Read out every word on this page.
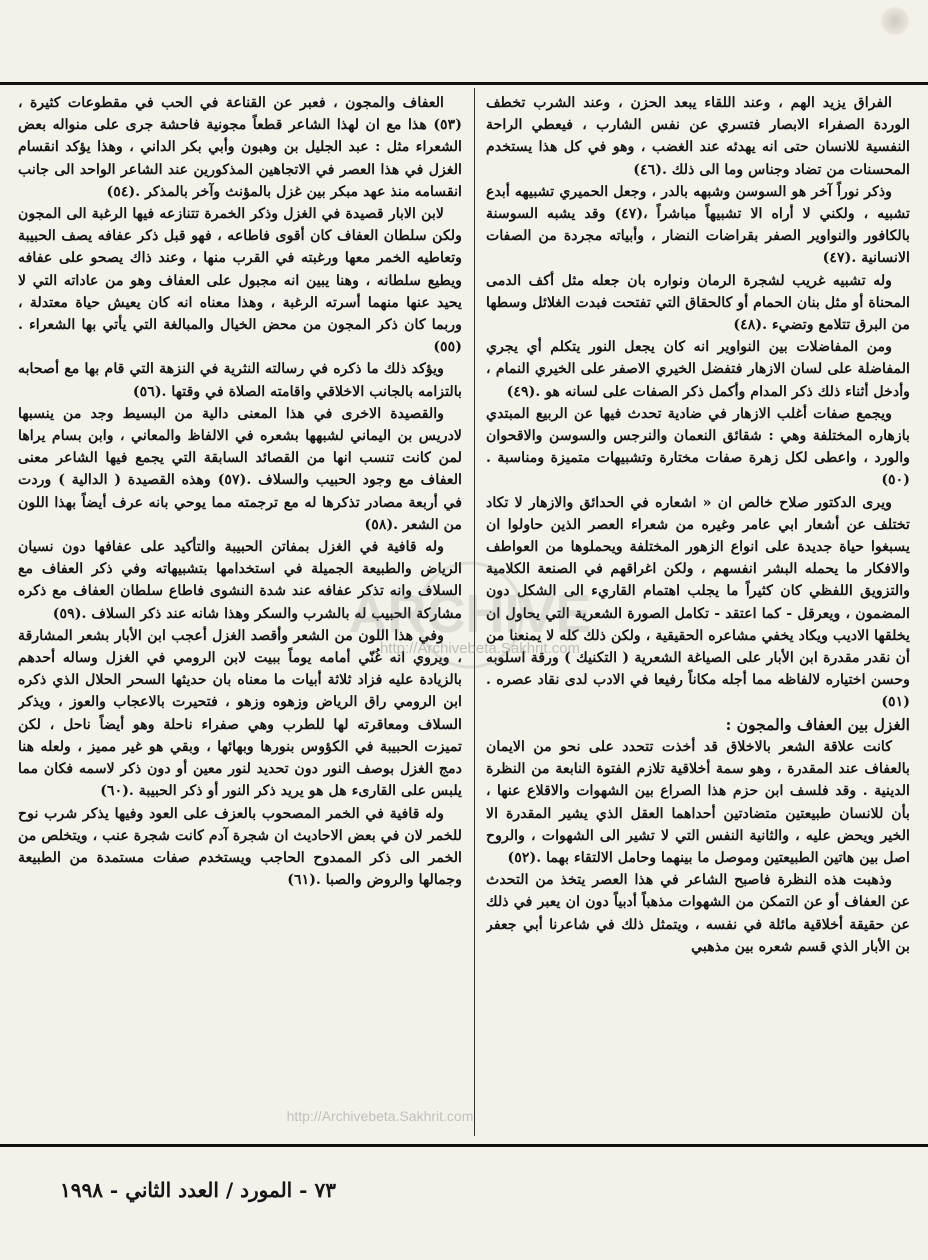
الفراق يزيد الهم ، وعند اللقاء يبعد الحزن ، وعند الشرب تخطف الوردة الصفراء الابصار فتسري عن نفس الشارب ، فيعطي الراحة النفسية للانسان حتى انه يهدئه عند الغضب ، وهو في كل هذا يستخدم المحسنات من تضاد وجناس وما الى ذلك .(٤٦)

وذكر نوراً آخر هو السوسن وشبهه بالدر ، وجعل الحميري تشبيهه أبدع تشبيه ، ولكني لا أراه الا تشبيهاً مباشراً ،(٤٧) وقد يشبه السوسنة بالكافور والنواوير الصفر بقراضات النضار ، وأبياته مجردة من الصفات الانسانية .(٤٧)

وله تشبيه غريب لشجرة الرمان ونواره بان جعله مثل أكف الدمى المحناة أو مثل بنان الحمام أو كالحقاق التي تفتحت فبدت الغلائل وسطها من البرق تتلامع وتضيء .(٤٨)

ومن المفاضلات بين النواوير انه كان يجعل النور يتكلم أي يجري المفاضلة على لسان الازهار فتفضل الخيري الاصفر على الخيري النمام ، وأدخل أثناء ذلك ذكر المدام وأكمل ذكر الصفات على لسانه هو .(٤٩)

ويجمع صفات أغلب الازهار في ضادية تحدث فيها عن الربيع المبتدي بازهاره المختلفة وهي : شقائق النعمان والنرجس والسوسن والاقحوان والورد ، واعطى لكل زهرة صفات مختارة وتشبيهات متميزة ومناسبة .(٥٠)

ويرى الدكتور صلاح خالص ان « اشعاره في الحدائق والازهار لا تكاد تختلف عن أشعار ابي عامر وغيره من شعراء العصر الذين حاولوا ان يسبغوا حياة جديدة على انواع الزهور المختلفة ويحملوها من العواطف والافكار ما يحمله البشر انفسهم ، ولكن اغراقهم في الصنعة الكلامية والتزويق اللفظي كان كثيراً ما يجلب اهتمام القاريء الى الشكل دون المضمون ، ويعرقل - كما اعتقد - تكامل الصورة الشعرية التي يحاول ان يخلقها الاديب ويكاد يخفي مشاعره الحقيقية ، ولكن ذلك كله لا يمنعنا من أن نقدر مقدرة ابن الأبار على الصياغة الشعرية ( التكنيك ) ورقة اسلوبه وحسن اختياره لالفاظه مما أجله مكاناً رفيعا في الادب لدى نقاد عصره .(٥١)

الغزل بين العفاف والمجون :

كانت علاقة الشعر بالاخلاق قد أخذت تتحدد على نحو من الايمان بالعفاف عند المقدرة ، وهو سمة أخلاقية تلازم الفتوة النابعة من النظرة الدينية . وقد فلسف ابن حزم هذا الصراع بين الشهوات والاقلاع عنها ، بأن للانسان طبيعتين متضادتين أحداهما العقل الذي يشير المقدرة الا الخير ويحض عليه ، والثانية النفس التي لا تشير الى الشهوات ، والروح اصل بين هاتين الطبيعتين وموصل ما بينهما وحامل الالتقاء بهما .(٥٢)

وذهبت هذه النظرة فاصبح الشاعر في هذا العصر يتخذ من التحدث عن العفاف أو عن التمكن من الشهوات مذهباً أدبياً دون ان يعبر في ذلك عن حقيقة أخلاقية مائلة في نفسه ، ويتمثل ذلك في شاعرنا أبي جعفر بن الأبار الذي قسم شعره بين مذهبي

العفاف والمجون ، فعبر عن القناعة في الحب في مقطوعات كثيرة ،(٥٣) هذا مع ان لهذا الشاعر قطعاً مجونية فاحشة جرى على منواله بعض الشعراء مثل : عبد الجليل بن وهبون وأبي بكر الداني ، وهذا يؤكد انقسام الغزل في هذا العصر في الاتجاهين المذكورين عند الشاعر الواحد الى جانب انقسامه منذ عهد مبكر بين غزل بالمؤنث وآخر بالمذكر .(٥٤)

لابن الابار قصيدة في الغزل وذكر الخمرة تتنازعه فيها الرغبة الى المجون ولكن سلطان العفاف كان أقوى فاطاعه ، فهو قبل ذكر عفافه يصف الحبيبة وتعاطيه الخمر معها ورغبته في القرب منها ، وعند ذاك يصحو على عفافه ويطيع سلطانه ، وهنا يبين انه مجبول على العفاف وهو من عاداته التي لا يحيد عنها منهما أسرته الرغبة ، وهذا معناه انه كان يعيش حياة معتدلة ، وربما كان ذكر المجون من محض الخيال والمبالغة التي يأتي بها الشعراء .(٥٥)

ويؤكد ذلك ما ذكره في رسالته النثرية في النزهة التي قام بها مع أصحابه بالتزامه بالجانب الاخلاقي واقامته الصلاة في وقتها .(٥٦)

والقصيدة الاخرى في هذا المعنى دالية من البسيط وجد من ينسبها لادريس بن اليماني لشبهها بشعره في الالفاظ والمعاني ، وابن بسام يراها لمن كانت تنسب انها من القصائد السابقة التي يجمع فيها الشاعر معنى العفاف مع وجود الحبيب والسلاف .(٥٧) وهذه القصيدة ( الدالية ) وردت في أربعة مصادر تذكرها له مع ترجمته مما يوحي بانه عرف أيضاً بهذا اللون من الشعر .(٥٨)

وله قافية في الغزل بمفاتن الحبيبة والتأكيد على عفافها دون نسيان الرياض والطبيعة الجميلة في استخدامها بتشبيهاته وفي ذكر العفاف مع السلاف وانه تذكر عفافه عند شدة النشوى فاطاع سلطان العفاف مع ذكره مشاركة الحبيب له بالشرب والسكر وهذا شانه عند ذكر السلاف .(٥٩)

وفي هذا اللون من الشعر وأقصد الغزل أعجب ابن الأبار بشعر المشارقة ، ويروي انه غُنّي أمامه يوماً ببيت لابن الرومي في الغزل وساله أحدهم بالزيادة عليه فزاد ثلاثة أبيات ما معناه بان حديثها السحر الحلال الذي ذكره ابن الرومي راق الرياض وزهوه وزهو ، فتحيرت بالاعجاب والعوز ، ويذكر السلاف ومعاقرته لها للطرب وهي صفراء ناحلة وهو أيضاً ناحل ، لكن تميزت الحبيبة في الكؤوس بنورها وبهائها ، وبقي هو غير مميز ، ولعله هنا دمج الغزل بوصف النور دون تحديد لنور معين أو دون ذكر لاسمه فكان مما يلبس على القارىء هل هو يريد ذكر النور أو ذكر الحبيبة .(٦٠)

وله قافية في الخمر المصحوب بالعزف على العود وفيها يذكر شرب نوح للخمر لان في بعض الاحاديث ان شجرة آدم كانت شجرة عنب ، ويتخلص من الخمر الى ذكر الممدوح الحاجب ويستخدم صفات مستمدة من الطبيعة وجمالها والروض والصبا .(٦١)

ARCHIVE
http://Archivebeta.Sakhrit.com
http://Archivebeta.Sakhrit.com
٧٣ - المورد / العدد الثاني - ١٩٩٨
